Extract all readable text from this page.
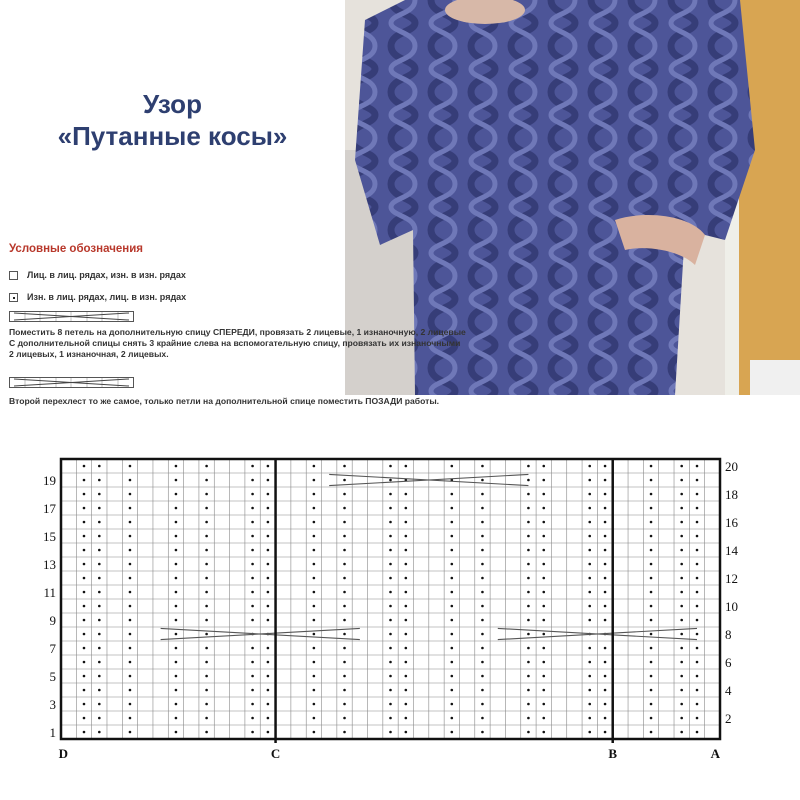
Узор
«Путанные косы»
Условные обозначения
Лиц. в лиц. рядах, изн. в изн. рядах
Изн. в лиц. рядах, лиц. в изн. рядах
Поместить 8 петель на дополнительную спицу СПЕРЕДИ, провязать 2 лицевые, 1 изнаночную, 2 лицевые
С дополнительной спицы снять 3 крайние слева на вспомогательную спицу, провязать их изнаночными
2 лицевых, 1 изнаночная, 2 лицевых.
Второй перехлест то же самое, только петли на дополнительной спице поместить ПОЗАДИ работы.
1
3
5
7
9
11
13
15
17
19
2
4
6
8
10
12
14
16
18
20
D	C	B	A
